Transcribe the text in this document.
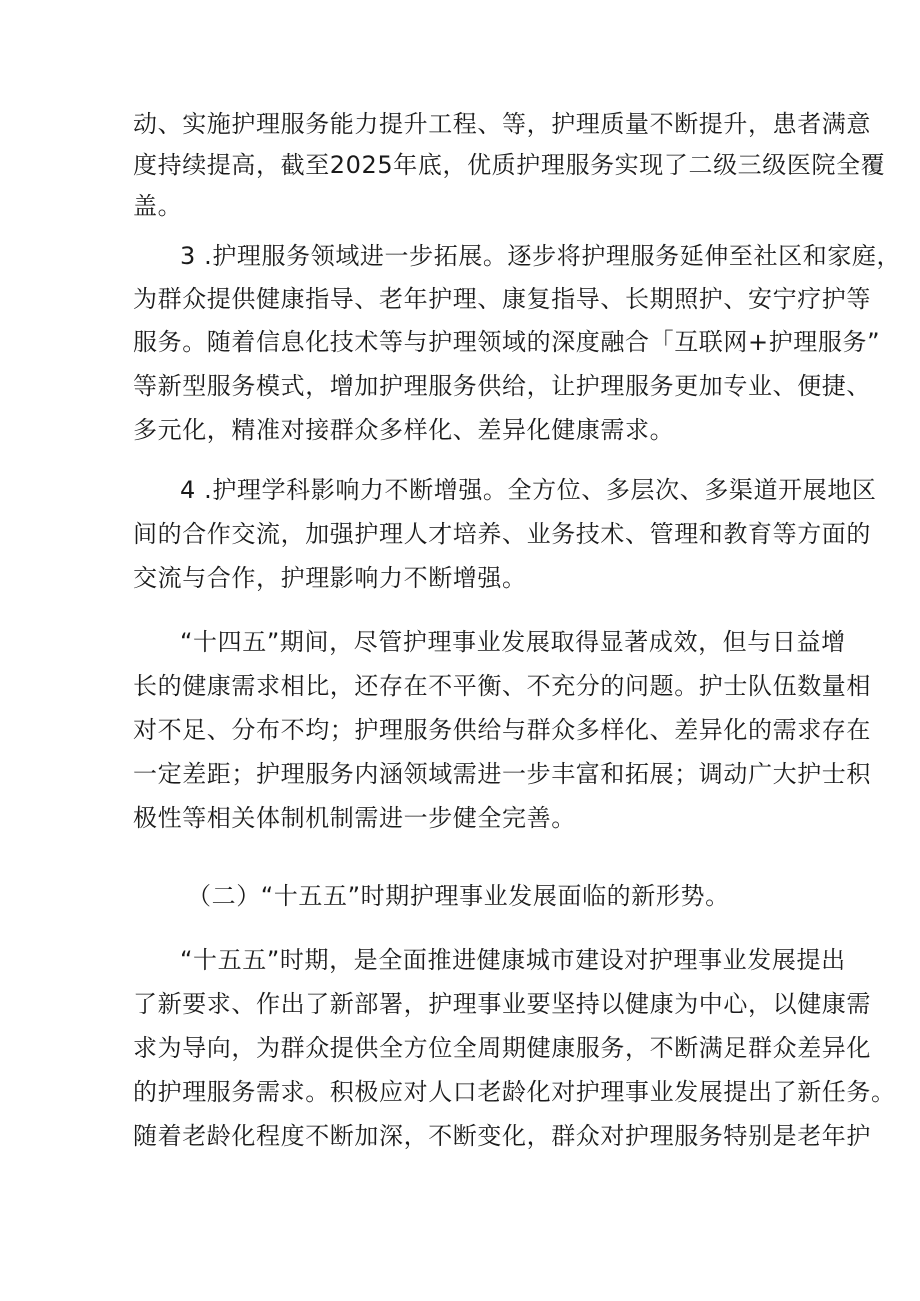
动、实施护理服务能力提升工程、等，护理质量不断提升，患者满意
度持续提高，截至2025年底，优质护理服务实现了二级三级医院全覆
盖。
3 .护理服务领域进一步拓展。逐步将护理服务延伸至社区和家庭，
为群众提供健康指导、老年护理、康复指导、长期照护、安宁疗护等
服务。随着信息化技术等与护理领域的深度融合「互联网+护理服务”
等新型服务模式，增加护理服务供给，让护理服务更加专业、便捷、
多元化，精准对接群众多样化、差异化健康需求。
4 .护理学科影响力不断增强。全方位、多层次、多渠道开展地区
间的合作交流，加强护理人才培养、业务技术、管理和教育等方面的
交流与合作，护理影响力不断增强。
“十四五”期间，尽管护理事业发展取得显著成效，但与日益增
长的健康需求相比，还存在不平衡、不充分的问题。护士队伍数量相
对不足、分布不均；护理服务供给与群众多样化、差异化的需求存在
一定差距；护理服务内涵领域需进一步丰富和拓展；调动广大护士积
极性等相关体制机制需进一步健全完善。
（二）“十五五”时期护理事业发展面临的新形势。
“十五五”时期，是全面推进健康城市建设对护理事业发展提出
了新要求、作出了新部署，护理事业要坚持以健康为中心，以健康需
求为导向，为群众提供全方位全周期健康服务，不断满足群众差异化
的护理服务需求。积极应对人口老龄化对护理事业发展提出了新任务。
随着老龄化程度不断加深，不断变化，群众对护理服务特别是老年护
